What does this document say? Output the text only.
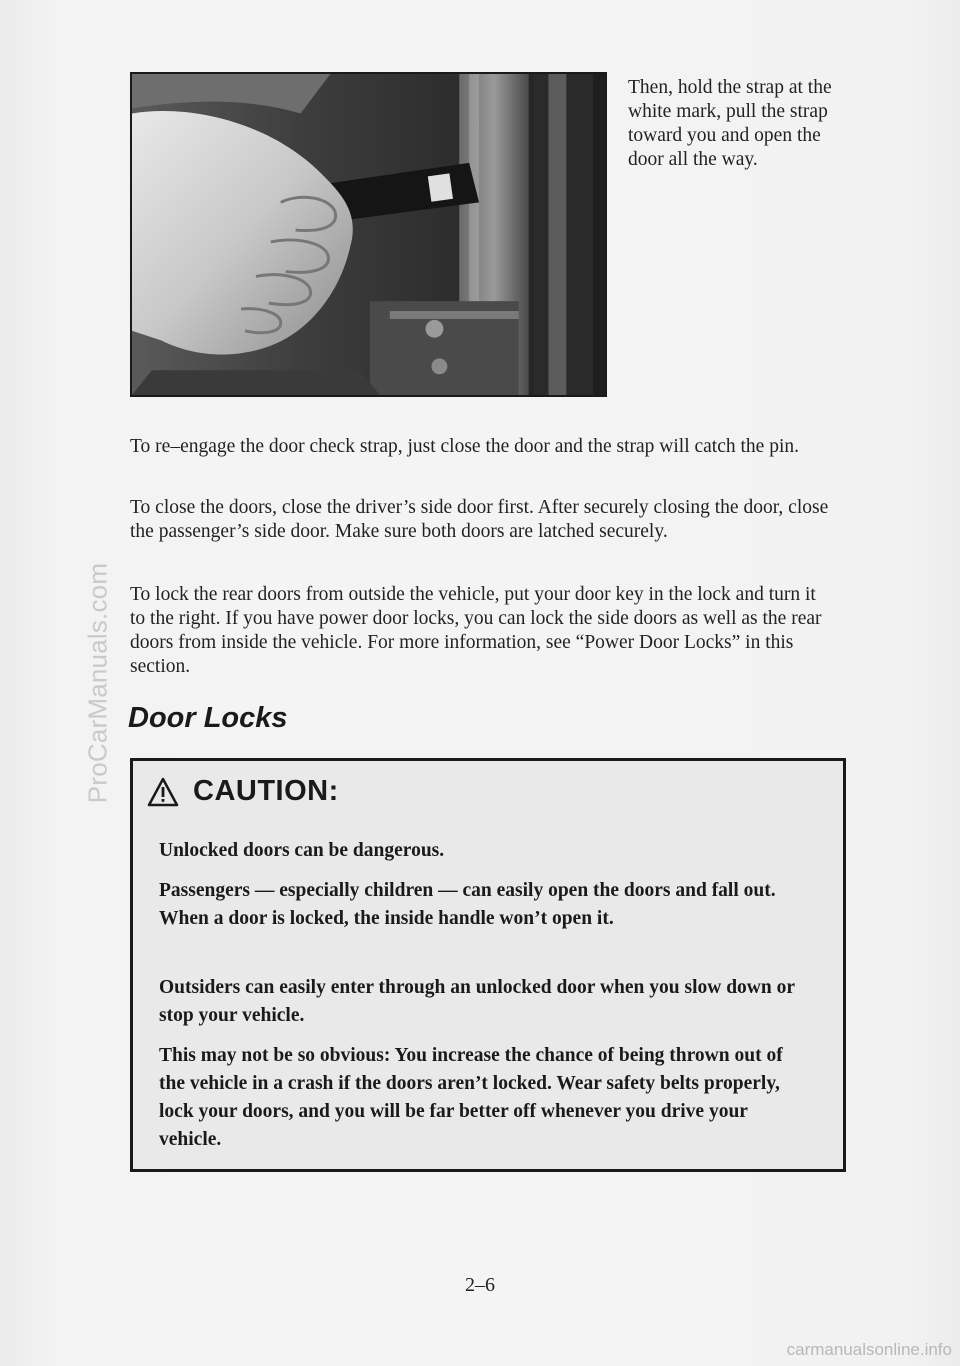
ProCarManuals.com
Then, hold the strap at the white mark, pull the strap toward you and open the door all the way.

To re–engage the door check strap, just close the door and the strap will catch the pin.

To close the doors, close the driver’s side door first. After securely closing the door, close the passenger’s side door. Make sure both doors are latched securely.

To lock the rear doors from outside the vehicle, put your door key in the lock and turn it to the right. If you have power door locks, you can lock the side doors as well as the rear doors from inside the vehicle. For more information, see “Power Door Locks” in this section.

Door Locks
CAUTION:

Unlocked doors can be dangerous.

Passengers — especially children — can easily open the doors and fall out. When a door is locked, the inside handle won’t open it.

Outsiders can easily enter through an unlocked door when you slow down or stop your vehicle.

This may not be so obvious: You increase the chance of being thrown out of the vehicle in a crash if the doors aren’t locked. Wear safety belts properly, lock your doors, and you will be far better off whenever you drive your vehicle.

2–6
carmanualsonline.info
